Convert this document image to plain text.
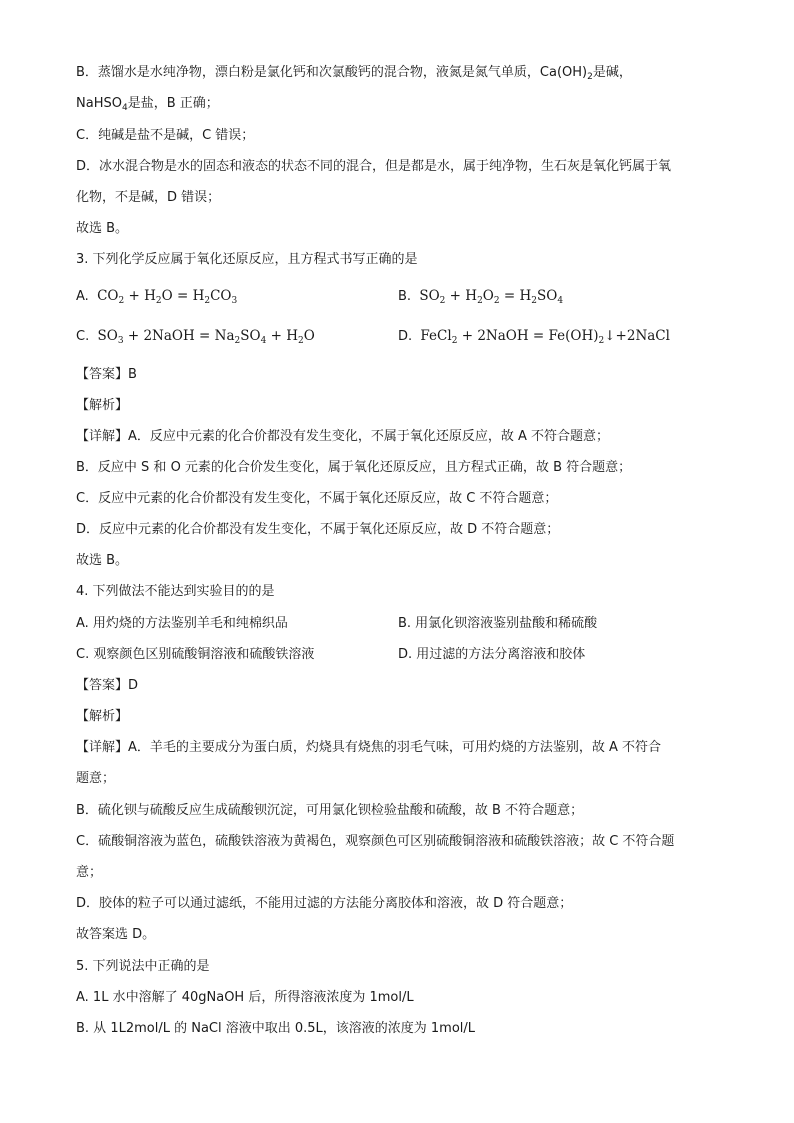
B．蒸馏水是水纯净物，漂白粉是氯化钙和次氯酸钙的混合物，液氮是氮气单质，$Ca(OH)_2$是碱，
NaHSO$_4$是盐，B 正确；
C．纯碱是盐不是碱，C 错误；
D．冰水混合物是水的固态和液态的状态不同的混合，但是都是水，属于纯净物，生石灰是氧化钙属于氧
化物，不是碱，D 错误；
故选 B。
3. 下列化学反应属于氧化还原反应，且方程式书写正确的是
A. $CO_2 + H_2O = H_2CO_3$	B. $SO_2 + H_2O_2 = H_2SO_4$
C. $SO_3$ + 2NaOH = $Na_2SO_4 + H_2O$	D. FeCl$_2$ + 2NaOH = $Fe(OH)_2↓+2NaCl$
【答案】B
【解析】
【详解】A．反应中元素的化合价都没有发生变化，不属于氧化还原反应，故 A 不符合题意；
B．反应中 S 和 O 元素的化合价发生变化，属于氧化还原反应，且方程式正确，故 B 符合题意；
C．反应中元素的化合价都没有发生变化，不属于氧化还原反应，故 C 不符合题意；
D．反应中元素的化合价都没有发生变化，不属于氧化还原反应，故 D 不符合题意；
故选 B。
4. 下列做法不能达到实验目的的是
A. 用灼烧的方法鉴别羊毛和纯棉织品	B. 用氯化钡溶液鉴别盐酸和稀硫酸
C. 观察颜色区别硫酸铜溶液和硫酸铁溶液	D. 用过滤的方法分离溶液和胶体
【答案】D
【解析】
【详解】A．羊毛的主要成分为蛋白质，灼烧具有烧焦的羽毛气味，可用灼烧的方法鉴别，故 A 不符合
题意；
B．硫化钡与硫酸反应生成硫酸钡沉淀，可用氯化钡检验盐酸和硫酸，故 B 不符合题意；
C．硫酸铜溶液为蓝色，硫酸铁溶液为黄褐色，观察颜色可区别硫酸铜溶液和硫酸铁溶液；故 C 不符合题
意；
D．胶体的粒子可以通过滤纸，不能用过滤的方法能分离胶体和溶液，故 D 符合题意；
故答案选 D。
5. 下列说法中正确的是
A. 1L 水中溶解了 40gNaOH 后，所得溶液浓度为 1mol/L
B. 从 1L2mol/L 的 NaCl 溶液中取出 0.5L，该溶液的浓度为 1mol/L
